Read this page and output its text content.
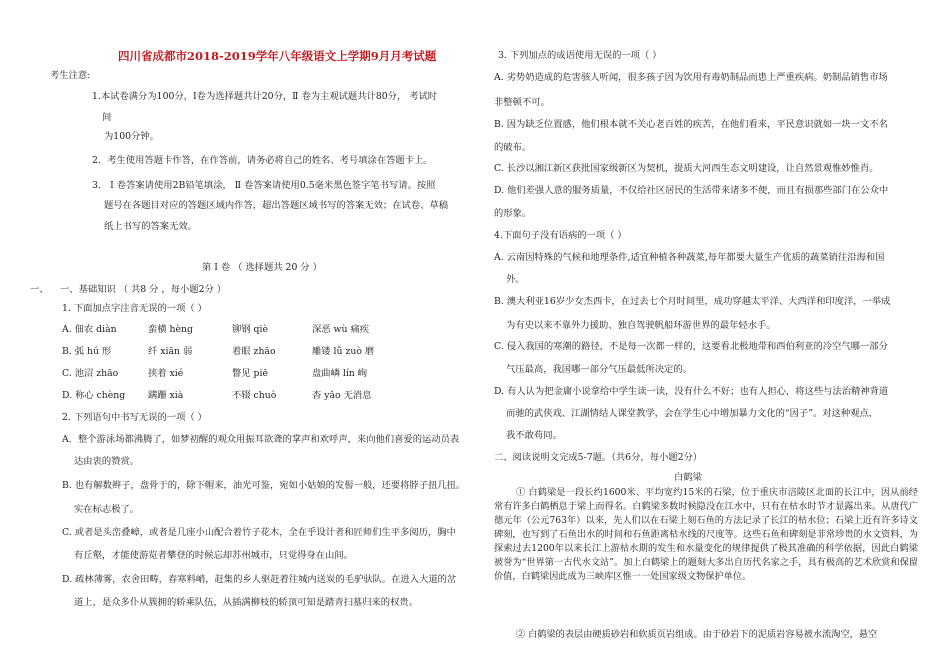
四川省成都市2018-2019学年八年级语文上学期9月月考试题
考生注意:
1.本试卷满分为100分，Ⅰ卷为选择题共计20分，Ⅱ 卷为主观试题共计80分， 考试时
间
为100分钟。
2．考生使用答题卡作答，在作答前，请务必将自己的姓名、考号填涂在答题卡上。
3． Ⅰ 卷答案请使用2B铅笔填涂， Ⅱ 卷答案请使用0.5毫米黑色签字笔书写请。按照
题号在各题目对应的答题区域内作答，超出答题区域书写的答案无效；在试卷、草稿
纸上书写的答案无效。
第 Ⅰ 卷 （ 选择题共 20 分 ）
一、 一、基础知识 （ 共8 分 ，每小题2分 ）
1. 下面加点字注音无误的一项（ ）
A. 佃农 diàn	蛮横 hèng	铆钢 qiè	深恶 wù 痛疾
B. 弧 hú 形	纤 xiān 弱	着眼 zhāo	雕镂 lǚ zuò 磨
C. 池沼 zhāo	挟着 xié	瞥见 piē	盘曲嶙 lín 峋
D. 称心 chèng 蹒跚 xià	不辍 chuò	杳 yǎo 无消息
2. 下列语句中书写无误的一项（ ）
A．整个游泳场都沸腾了，如梦初醒的观众用振耳欲聋的掌声和欢呼声，来向他们喜爱的运动员表
达由衷的赞赏。
B. 也有解数辫子，盘骨于的，除下帽来，油光可鉴，宛如小姑娘的发髻一般，还要将脖子扭几扭。
实在标志极了。
C. 或者是头峦叠嶂，或者是几座小山配合着竹子花木，全在乎设计者和匠师们生平多阅历，胸中
有丘壑，才能使游览者攀登的时候忘却苏州城市，只觉得身在山间。
D. 疏林薄雾，农舍田畴，春寒料峭，赶集的乡人驱赶着往城内送炭的毛驴驮队。在进入大道的岔
道上，是众多仆从簇拥的轿乘队伍，从插满柳枝的轿顶可知是踏青扫墓归来的权贵。
3. 下列加点的成语使用无误的一项（ ）
A. 劣势奶造成的危害骇人听闻，很多孩子因为饮用有毒奶制品而患上严重疾病。奶制品销售市场
非整顿不可。
B. 因为缺乏位置感，他们根本就不关心老百姓的疾苦，在他们看来，平民意识就如一块一文不名
的破布。
C. 长沙以湘江新区获批国家级新区为契机，提质大河西生态文明建设，让自然景观惟妙惟肖。
D. 他们差强人意的服务质量，不仅给社区居民的生活带来诸多不便，而且有损那些部门在公众中
的形象。
4.下面句子没有语病的一项（ ）
A. 云南因特殊的气候和地理条件,适宜种植各种蔬菜,每年都要大量生产优质的蔬菜销往沿海和国
外。
B. 澳大利亚16岁少女杰西卡，在过去七个月时间里，成功穿越太平洋、大西洋和印度洋，一举成
为有史以来不靠外力援助、独自驾驶帆船环游世界的最年轻水手。
C. 侵入我国的寒潮的路径，不是每一次都一样的，这要看北极地带和西伯利亚的冷空气哪一部分
气压最高，我国哪一部分气压最低所决定的。
D. 有人认为把金庸小说拿给中学生读一读，没有什么不好；也有人担心，将这些与法治精神背道
而驰的武侠戏、江湖情结人课堂教学，会在学生心中增加暴力文化的“因子”。对这种观点，
我不敢苟同。
二、阅读说明文完成5-7题。（共6分，每小题2分）
白鹤梁
① 白鹤梁是一段长约1600米、平均宽约15米的石梁，位于重庆市涪陵区北面的长江中，因从前经常有许多白鹤栖息于梁上而得名。白鹤梁多数时候隐没在江水中，只有在枯水时节才显露出来。从唐代广德元年（公元763年）以来，先人们以在石梁上刻石鱼的方法记录了长江的枯水位；石梁上近有许多诗文碑刻，也写到了石鱼出水的时间和石鱼距离枯水线的尺度等。这些石鱼和碑刻是非常珍贵的水文资料，为探索过去1200年以来长江上游枯水期的发生和水量变化的规律提供了极其准确的科学依据，因此白鹤梁被誉为“世界第一古代水文站”。加上白鹤梁上的题刻大多出自历代名家之手，具有极高的艺术欣赏和保留价值，白鹤梁因此成为三峡库区惟一一处国家级文物保护单位。
② 白鹤梁的表层由硬质砂岩和软质页岩组成。由于砂岩下的泥质岩容易被水流淘空，悬空
